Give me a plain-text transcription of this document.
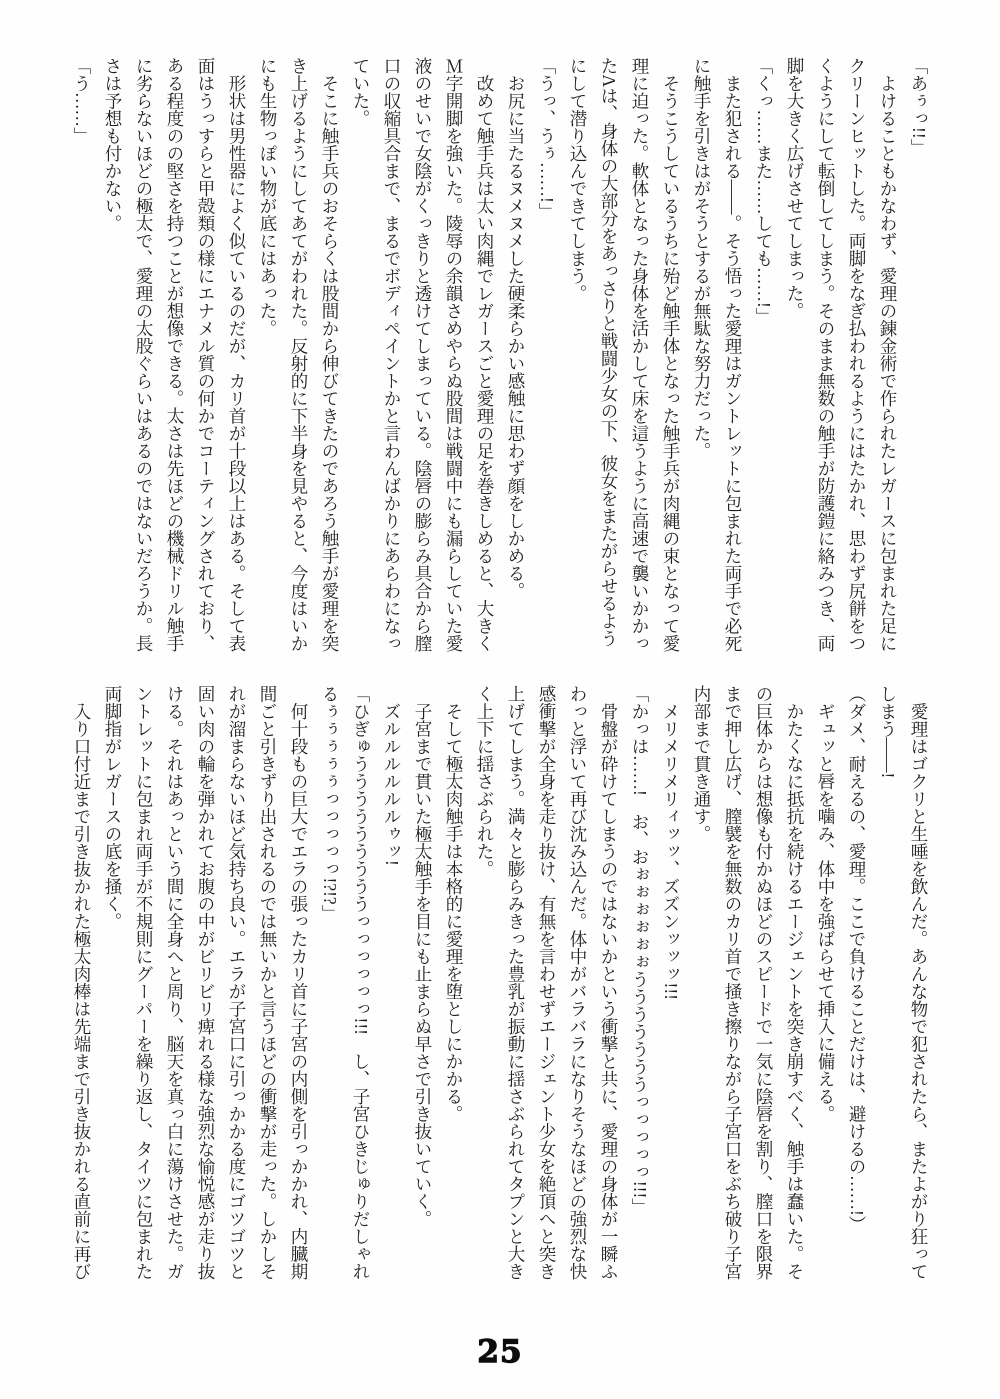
「あぅっ!!」

　よけることもかなわず、愛理の錬金術で作られたレガースに包まれた足に

クリーンヒットした。両脚をなぎ払われるようにはたかれ、思わず尻餅をつ

くようにして転倒してしまう。そのまま無数の触手が防護鎧に絡みつき、両

脚を大きく広げさせてしまった。

「くっ……また……しても……!」

　また犯される――。そう悟った愛理はガントレットに包まれた両手で必死

に触手を引きはがそうとするが無駄な努力だった。

　そうこうしているうちに殆ど触手体となった触手兵が肉縄の束となって愛

理に迫った。軟体となった身体を活かして床を這うように高速で襲いかかっ

たΛは、身体の大部分をあっさりと戦闘少女の下、彼女をまたがらせるよう

にして潜り込んできてしまう。

「うっ、うぅ……!」

　お尻に当たるヌメヌメした硬柔らかい感触に思わず顔をしかめる。

　改めて触手兵は太い肉縄でレガースごと愛理の足を巻きしめると、大きく

Ｍ字開脚を強いた。陵辱の余韻さめやらぬ股間は戦闘中にも漏らしていた愛

液のせいで女陰がくっきりと透けてしまっている。陰唇の膨らみ具合から膣

口の収縮具合まで、まるでボディペイントかと言わんばかりにあらわになっ

ていた。

　そこに触手兵のおそらくは股間から伸びてきたのであろう触手が愛理を突

き上げるようにしてあてがわれた。反射的に下半身を見やると、今度はいか

にも生物っぽい物が底にはあった。

　形状は男性器によく似ているのだが、カリ首が十段以上はある。そして表

面はうっすらと甲殻類の様にエナメル質の何かでコーティングされており、

ある程度のの堅さを持つことが想像できる。太さは先ほどの機械ドリル触手

に劣らないほどの極太で、愛理の太股ぐらいはあるのではないだろうか。長

さは予想も付かない。

「う……」

　愛理はゴクリと生唾を飲んだ。あんな物で犯されたら、またよがり狂って

しまう――!

（ダメ、耐えるの、愛理。ここで負けることだけは、避けるの……!）

　ギュッと唇を噛み、体中を強ばらせて挿入に備える。

　かたくなに抵抗を続けるエージェントを突き崩すべく、触手は蠢いた。そ

の巨体からは想像も付かぬほどのスピードで一気に陰唇を割り、膣口を限界

まで押し広げ、膣襞を無数のカリ首で掻き擦りながら子宮口をぶち破り子宮

内部まで貫き通す。

　メリメリメリィッッ、ズズンッッッ!!!

「かっは……!　お、おぉぉぉぉぉぉうううううううっっっっっ!!!」

　骨盤が砕けてしまうのではないかという衝撃と共に、愛理の身体が一瞬ふ

わっと浮いて再び沈み込んだ。体中がバラバラになりそうなほどの強烈な快

感衝撃が全身を走り抜け、有無を言わせずエージェント少女を絶頂へと突き

上げてしまう。満々と膨らみきった豊乳が振動に揺さぶられてタプンと大き

く上下に揺さぶられた。

　そして極太肉触手は本格的に愛理を堕としにかかる。

　子宮まで貫いた極太触手を目にも止まらぬ早さで引き抜いていく。

　ズルルルルルルゥッ!

「ひぎゅうううううううううっっっっっっ!!!　し、子宮ひきじゅりだしゃれ

るぅぅぅぅぅっっっっっ!?!?」

　何十段もの巨大でエラの張ったカリ首に子宮の内側を引っかかれ、内臓期

間ごと引きずり出されるのでは無いかと言うほどの衝撃が走った。しかしそ

れが溜まらないほど気持ち良い。エラが子宮口に引っかかる度にゴツゴツと

固い肉の輪を弾かれてお腹の中がビリビリ痺れる様な強烈な愉悦感が走り抜

ける。それはあっという間に全身へと周り、脳天を真っ白に蕩けさせた。ガ

ントレットに包まれ両手が不規則にグーパーを繰り返し、タイツに包まれた

両脚指がレガースの底を掻く。

　入り口付近まで引き抜かれた極太肉棒は先端まで引き抜かれる直前に再び

25
